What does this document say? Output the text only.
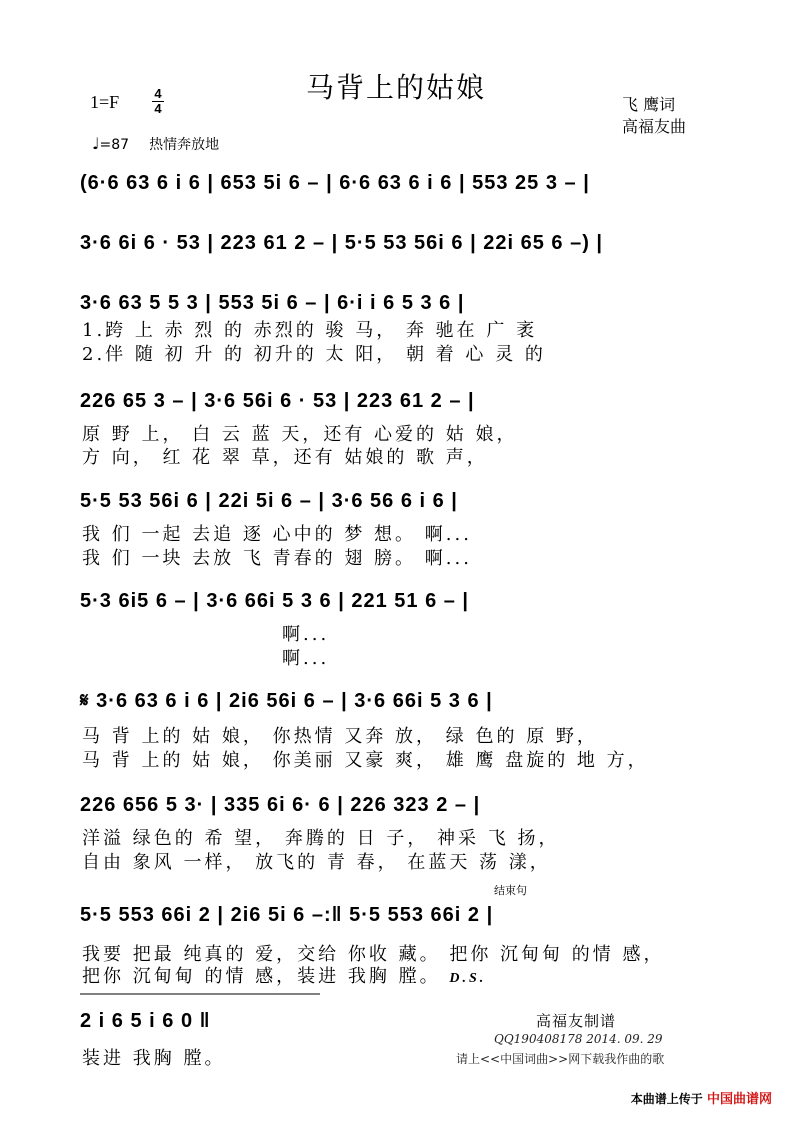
马背上的姑娘
1=F	4
4	飞 鹰词
高福友曲
♩=87 热情奔放地
(6·6 63 6 i 6 | 653 5i 6 – | 6·6 63 6 i 6 | 553 25 3 – |
3·6 6i 6 · 53 | 223 61 2 – | 5·5 53 56i 6 | 22i 65 6 –) |
3·6 63 5 5 3 | 553 5i 6 – | 6·i i 6 5 3 6 |
1.跨 上 赤 烈 的 赤烈的 骏 马， 奔 驰在 广 袤
2.伴 随 初 升 的 初升的 太 阳， 朝 着 心 灵 的
226 65 3 – | 3·6 56i 6 · 53 | 223 61 2 – |
原 野 上， 白 云 蓝 天，还有 心爱的 姑 娘，
方 向， 红 花 翠 草，还有 姑娘的 歌 声，
5·5 53 56i 6 | 22i 5i 6 – | 3·6 56 6 i 6 |
我 们 一起 去追 逐 心中的 梦 想。 啊...
我 们 一块 去放 飞 青春的 翅 膀。 啊...
5·3 6i5 6 – | 3·6 66i 5 3 6 | 221 51 6 – |
啊...
啊...
𝄋 3·6 63 6 i 6 | 2i6 56i 6 – | 3·6 66i 5 3 6 |
马 背 上的 姑 娘， 你热情 又奔 放， 绿 色的 原 野，
马 背 上的 姑 娘， 你美丽 又豪 爽， 雄 鹰 盘旋的 地 方，
226 656 5 3· | 335 6i 6· 6 | 226 323 2 – |
洋溢 绿色的 希 望， 奔腾的 日 子， 神采 飞 扬，
自由 象风 一样， 放飞的 青 春， 在蓝天 荡 漾，
结束句
5·5 553 66i 2 | 2i6 5i 6 –:‖ 5·5 553 66i 2 |
我要 把最 纯真的 爱，交给 你收 藏。 把你 沉甸甸 的情 感，
把你 沉甸甸 的情 感，装进 我胸 膛。 D.S.
2 i 6 5 i 6 0 ‖
装进 我胸 膛。
高福友制谱
QQ190408178 2014. 09. 29
请上<<中国词曲>>网下载我作曲的歌
本曲谱上传于 中国曲谱网
